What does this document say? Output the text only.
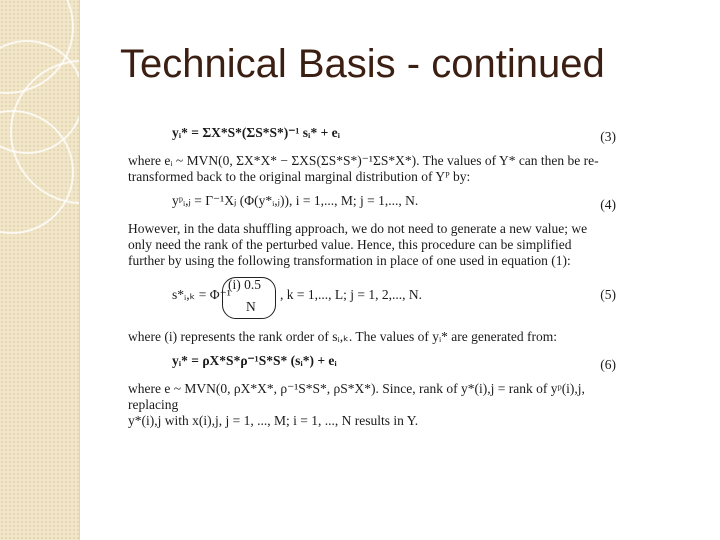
Technical Basis - continued
yᵢ* = ΣX*S*(ΣS*S*)⁻¹ sᵢ* + eᵢ	(3)
where eᵢ ~ MVN(0, ΣX*X* − ΣXS(ΣS*S*)⁻¹ΣS*X*). The values of Y* can then be re-
transformed back to the original marginal distribution of Yᴾ by:
yᵖᵢ,ⱼ = Γ⁻¹Xⱼ (Φ(y*ᵢ,ⱼ)), i = 1,..., M; j = 1,..., N.	(4)
However, in the data shuffling approach, we do not need to generate a new value; we
only need the rank of the perturbed value. Hence, this procedure can be simplified
further by using the following transformation in place of one used in equation (1):
s*ᵢ,ₖ = Φ⁻¹
(i) 0.5
N
, k = 1,..., L; j = 1, 2,..., N.	(5)
where (i) represents the rank order of sᵢ,ₖ. The values of yᵢ* are generated from:
yᵢ* = ρX*S*ρ⁻¹S*S* (sᵢ*) + eᵢ	(6)
where e ~ MVN(0, ρX*X*, ρ⁻¹S*S*, ρS*X*). Since, rank of y*(i),j = rank of yᵖ(i),j, replacing
y*(i),j with x(i),j, j = 1, ..., M; i = 1, ..., N results in Y.
